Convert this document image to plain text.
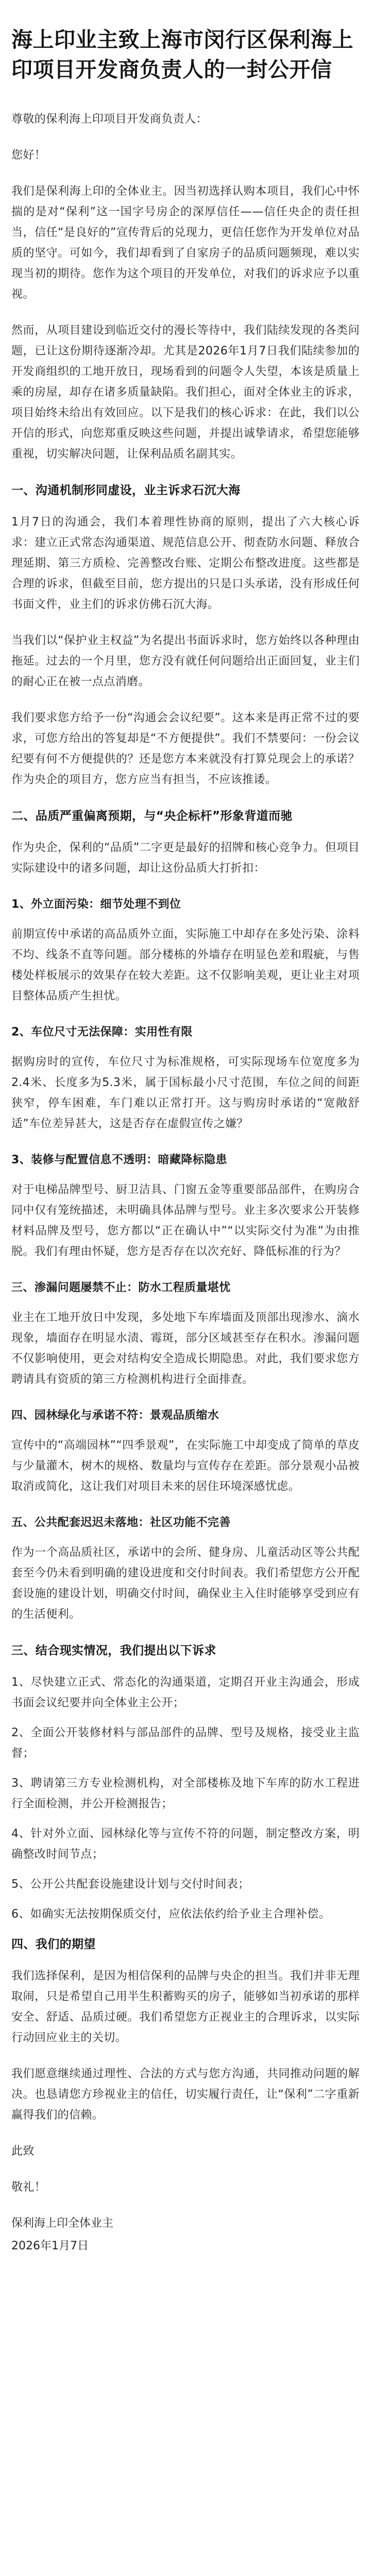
海上印业主致上海市闵行区保利海上印项目开发商负责人的一封公开信

尊敬的保利海上印项目开发商负责人：

您好！

我们是保利海上印的全体业主。因当初选择认购本项目，我们心中怀揣的是对“保利”这一国字号房企的深厚信任——信任央企的责任担当，信任“是良好的”宣传背后的兑现力，更信任您作为开发单位对品质的坚守。可如今，我们却看到了自家房子的品质问题频现，难以实现当初的期待。您作为这个项目的开发单位，对我们的诉求应予以重视。

然而，从项目建设到临近交付的漫长等待中，我们陆续发现的各类问题，已让这份期待逐渐冷却。尤其是2026年1月7日我们陆续参加的开发商组织的工地开放日，现场看到的问题令人失望，本该是质量上乘的房屋，却存在诸多质量缺陷。我们担心，面对全体业主的诉求，项目始终未给出有效回应。以下是我们的核心诉求：在此，我们以公开信的形式，向您郑重反映这些问题，并提出诚挚请求，希望您能够重视，切实解决问题，让保利品质名副其实。

一、沟通机制形同虚设，业主诉求石沉大海

1月7日的沟通会，我们本着理性协商的原则，提出了六大核心诉求：建立正式常态沟通渠道、规范信息公开、彻查防水问题、释放合理延期、第三方质检、完善整改台账、定期公布整改进度。这些都是合理的诉求，但截至目前，您方提出的只是口头承诺，没有形成任何书面文件，业主们的诉求仿佛石沉大海。

当我们以“保护业主权益”为名提出书面诉求时，您方始终以各种理由拖延。过去的一个月里，您方没有就任何问题给出正面回复，业主们的耐心正在被一点点消磨。

我们要求您方给予一份“沟通会会议纪要”。这本来是再正常不过的要求，可您方给出的答复却是“不方便提供”。我们不禁要问：一份会议纪要有何不方便提供的？还是您方本来就没有打算兑现会上的承诺？作为央企的项目方，您方应当有担当，不应该推诿。

二、品质严重偏离预期，与“央企标杆”形象背道而驰

作为央企，保利的“品质”二字更是最好的招牌和核心竞争力。但项目实际建设中的诸多问题，却让这份品质大打折扣：

1、外立面污染：细节处理不到位

前期宣传中承诺的高品质外立面，实际施工中却存在多处污染、涂料不均、线条不直等问题。部分楼栋的外墙存在明显色差和瑕疵，与售楼处样板展示的效果存在较大差距。这不仅影响美观，更让业主对项目整体品质产生担忧。

2、车位尺寸无法保障：实用性有限

据购房时的宣传，车位尺寸为标准规格，可实际现场车位宽度多为2.4米、长度多为5.3米，属于国标最小尺寸范围，车位之间的间距狭窄，停车困难，车门难以正常打开。这与购房时承诺的“宽敞舒适”车位差异甚大，这是否存在虚假宣传之嫌？

3、装修与配置信息不透明：暗藏降标隐患

对于电梯品牌型号、厨卫洁具、门窗五金等重要部品部件，在购房合同中仅有笼统描述，未明确具体品牌与型号。业主多次要求公开装修材料品牌及型号，您方都以“正在确认中”“以实际交付为准”为由推脱。我们有理由怀疑，您方是否存在以次充好、降低标准的行为？

三、渗漏问题屡禁不止：防水工程质量堪忧

业主在工地开放日中发现，多处地下车库墙面及顶部出现渗水、滴水现象，墙面存在明显水渍、霉斑，部分区域甚至存在积水。渗漏问题不仅影响使用，更会对结构安全造成长期隐患。对此，我们要求您方聘请具有资质的第三方检测机构进行全面排查。

四、园林绿化与承诺不符：景观品质缩水

宣传中的“高端园林”“四季景观”，在实际施工中却变成了简单的草皮与少量灌木，树木的规格、数量均与宣传存在差距。部分景观小品被取消或简化，这让我们对项目未来的居住环境深感忧虑。

五、公共配套迟迟未落地：社区功能不完善

作为一个高品质社区，承诺中的会所、健身房、儿童活动区等公共配套至今仍未看到明确的建设进度和交付时间表。我们希望您方公开配套设施的建设计划，明确交付时间，确保业主入住时能够享受到应有的生活便利。

三、结合现实情况，我们提出以下诉求

1、尽快建立正式、常态化的沟通渠道，定期召开业主沟通会，形成书面会议纪要并向全体业主公开；

2、全面公开装修材料与部品部件的品牌、型号及规格，接受业主监督；

3、聘请第三方专业检测机构，对全部楼栋及地下车库的防水工程进行全面检测，并公开检测报告；

4、针对外立面、园林绿化等与宣传不符的问题，制定整改方案，明确整改时间节点；

5、公开公共配套设施建设计划与交付时间表；

6、如确实无法按期保质交付，应依法依约给予业主合理补偿。

四、我们的期望

我们选择保利，是因为相信保利的品牌与央企的担当。我们并非无理取闹，只是希望自己用半生积蓄购买的房子，能够如当初承诺的那样安全、舒适、品质过硬。我们希望您方正视业主的合理诉求，以实际行动回应业主的关切。

我们愿意继续通过理性、合法的方式与您方沟通，共同推动问题的解决。也恳请您方珍视业主的信任，切实履行责任，让“保利”二字重新赢得我们的信赖。

此致

敬礼！

保利海上印全体业主

2026年1月7日
